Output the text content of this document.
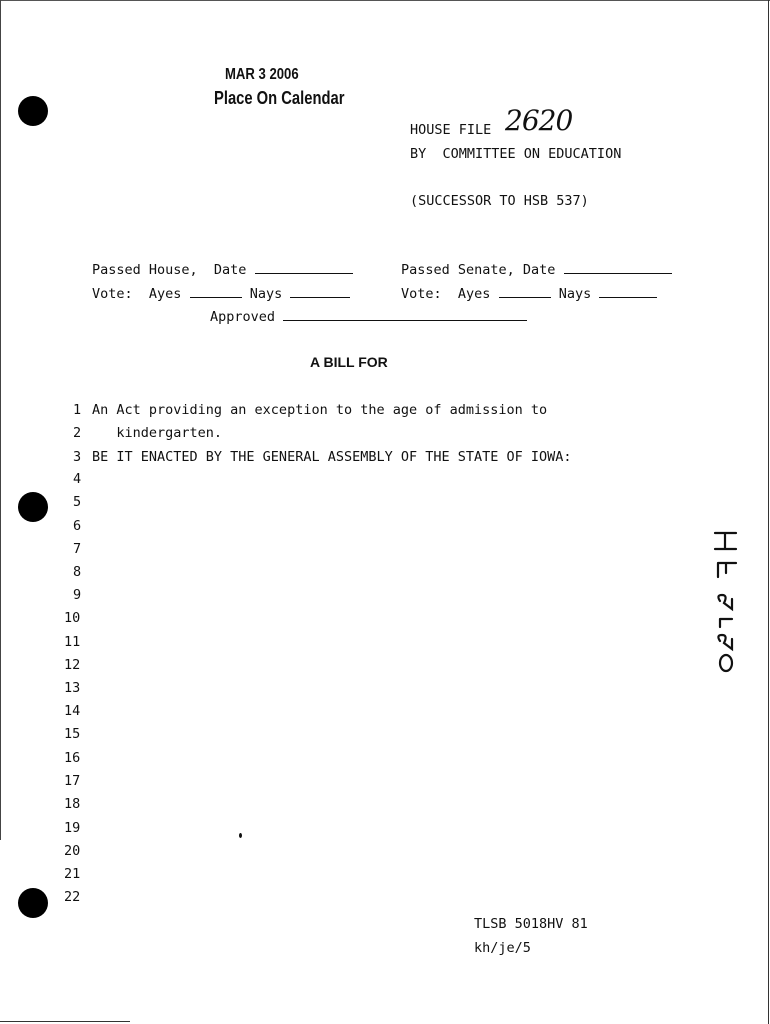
MAR 3 2006
Place On Calendar
HOUSE FILE 2620
BY  COMMITTEE ON EDUCATION
(SUCCESSOR TO HSB 537)
Passed House,  Date	Passed Senate, Date
Vote:  Ayes	Nays	Vote:  Ayes	Nays
Approved
A BILL FOR
An Act providing an exception to the age of admission to
kindergarten.
BE IT ENACTED BY THE GENERAL ASSEMBLY OF THE STATE OF IOWA:
1
2
3
4
5
6
7
8
9
10
11
12
13
14
15
16
17
18
19
20
21
22
TLSB 5018HV 81
kh/je/5
